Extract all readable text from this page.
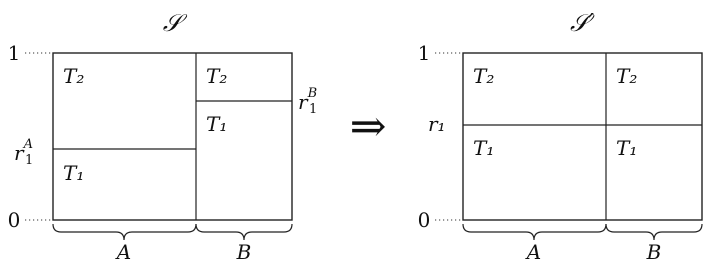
𝒮
1
0
T₂
T₁
T₂
T₁
$r^A$ 1
$r^B$ 1
A	B
⇒
𝒮′
1
0
T₂
T₁
T₂
T₁
r₁
A	B
